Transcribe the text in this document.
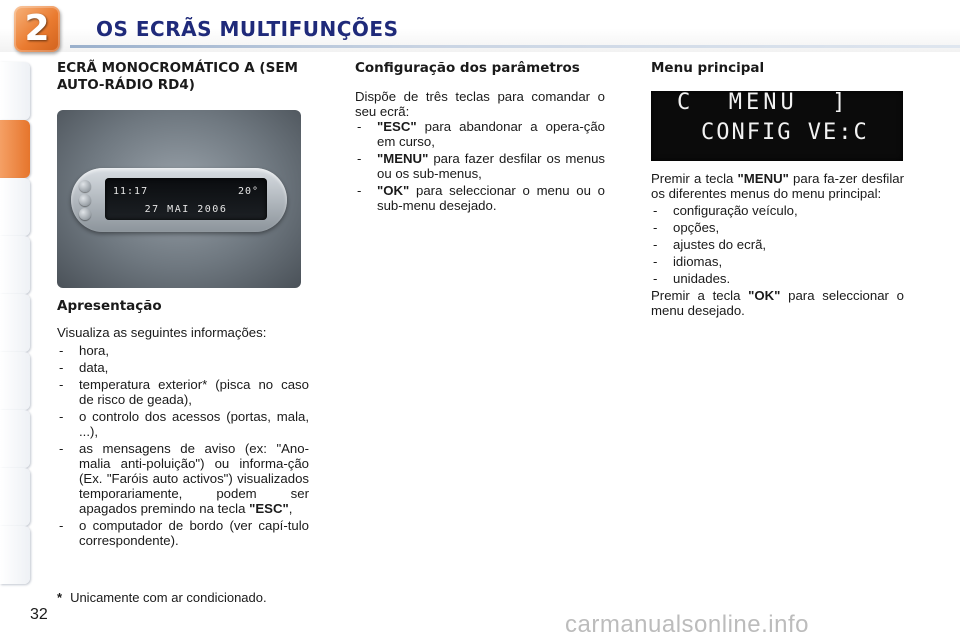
2 OS ECRÃS MULTIFUNÇÕES
ECRÃ MONOCROMÁTICO A (SEM AUTO-RÁDIO RD4)
11:17	20°
27 MAI 2006
Apresentação

Visualiza as seguintes informações:

- hora,
- data,
- temperatura exterior* (pisca no caso de risco de geada),
- o controlo dos acessos (portas, mala, ...),
- as mensagens de aviso (ex: "Ano-malia anti-poluição") ou informa-ção (Ex. "Faróis auto activos") visualizados temporariamente, podem ser apagados premindo na tecla "ESC",
- o computador de bordo (ver capí-tulo correspondente).
Configuração dos parâmetros

Dispõe de três teclas para comandar o seu ecrã:

- "ESC" para abandonar a opera-ção em curso,
- "MENU" para fazer desfilar os menus ou os sub-menus,
- "OK" para seleccionar o menu ou o sub-menu desejado.
Menu principal
C  MENU  ]
CONFIG VE:C

Premir a tecla "MENU" para fa-zer desfilar os diferentes menus do menu principal:

- configuração veículo,
- opções,
- ajustes do ecrã,
- idiomas,
- unidades.

Premir a tecla "OK" para seleccionar o menu desejado.

* Unicamente com ar condicionado.
32	carmanualsonline.info
